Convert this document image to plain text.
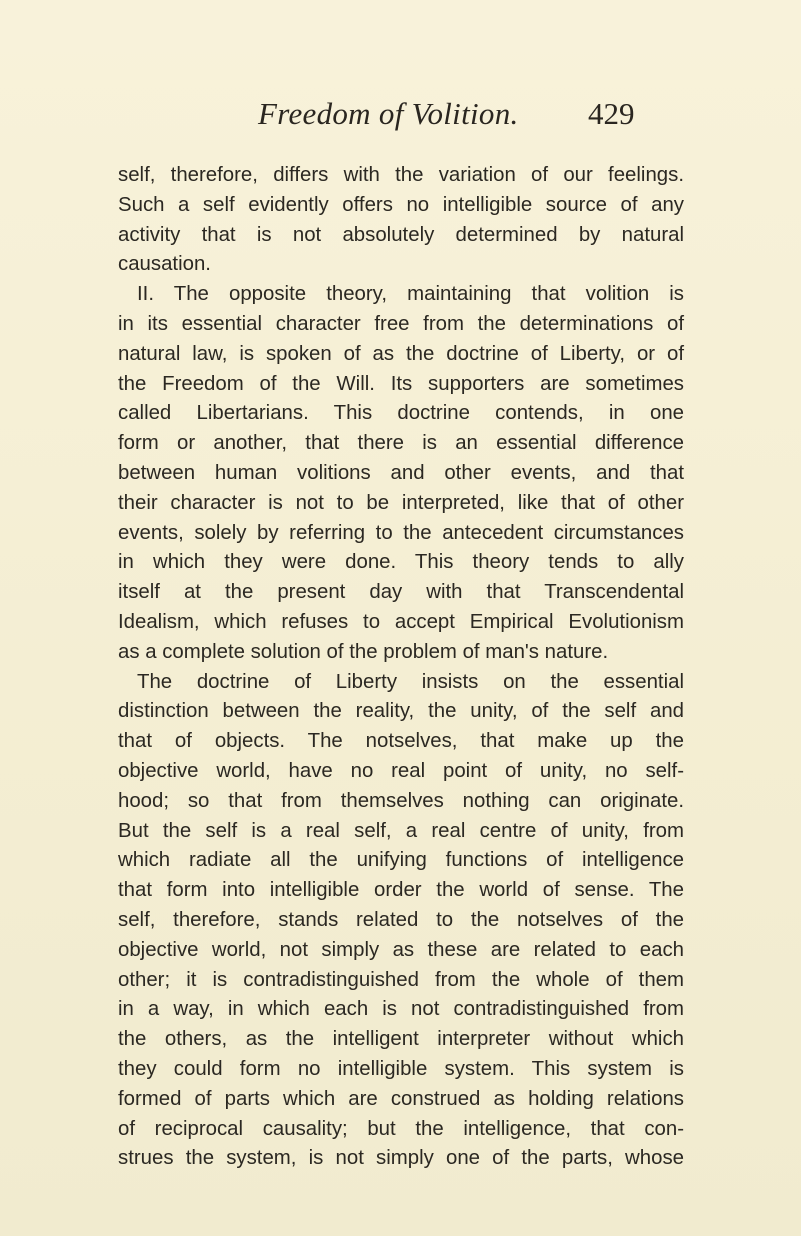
Freedom of Volition. 429
self, therefore, differs with the variation of our feelings.
Such a self evidently offers no intelligible source of any
activity that is not absolutely determined by natural
causation.
II. The opposite theory, maintaining that volition is
in its essential character free from the determinations of
natural law, is spoken of as the doctrine of Liberty, or of
the Freedom of the Will. Its supporters are sometimes
called Libertarians. This doctrine contends, in one
form or another, that there is an essential difference
between human volitions and other events, and that
their character is not to be interpreted, like that of other
events, solely by referring to the antecedent circumstances
in which they were done. This theory tends to ally
itself at the present day with that Transcendental
Idealism, which refuses to accept Empirical Evolutionism
as a complete solution of the problem of man's nature.
The doctrine of Liberty insists on the essential
distinction between the reality, the unity, of the self and
that of objects. The notselves, that make up the
objective world, have no real point of unity, no self-
hood; so that from themselves nothing can originate.
But the self is a real self, a real centre of unity, from
which radiate all the unifying functions of intelligence
that form into intelligible order the world of sense. The
self, therefore, stands related to the notselves of the
objective world, not simply as these are related to each
other; it is contradistinguished from the whole of them
in a way, in which each is not contradistinguished from
the others, as the intelligent interpreter without which
they could form no intelligible system. This system is
formed of parts which are construed as holding relations
of reciprocal causality; but the intelligence, that con-
strues the system, is not simply one of the parts, whose
